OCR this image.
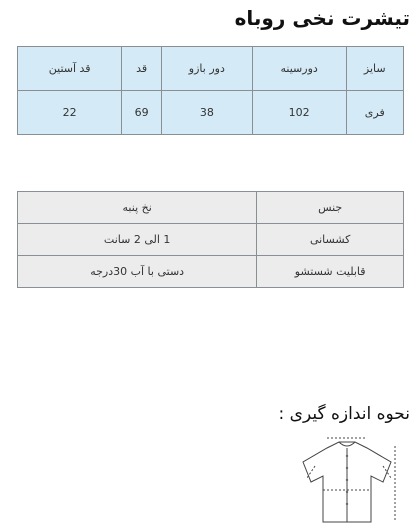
تیشرت نخی روباه
سایز	دورسینه	دور بازو	قد	قد آستین
فری	102	38	69	22
جنس	نخ پنبه
کشسانی	1 الی 2 سانت
قابلیت شستشو	دستی با آب 30درجه
نحوه اندازه گیری :
